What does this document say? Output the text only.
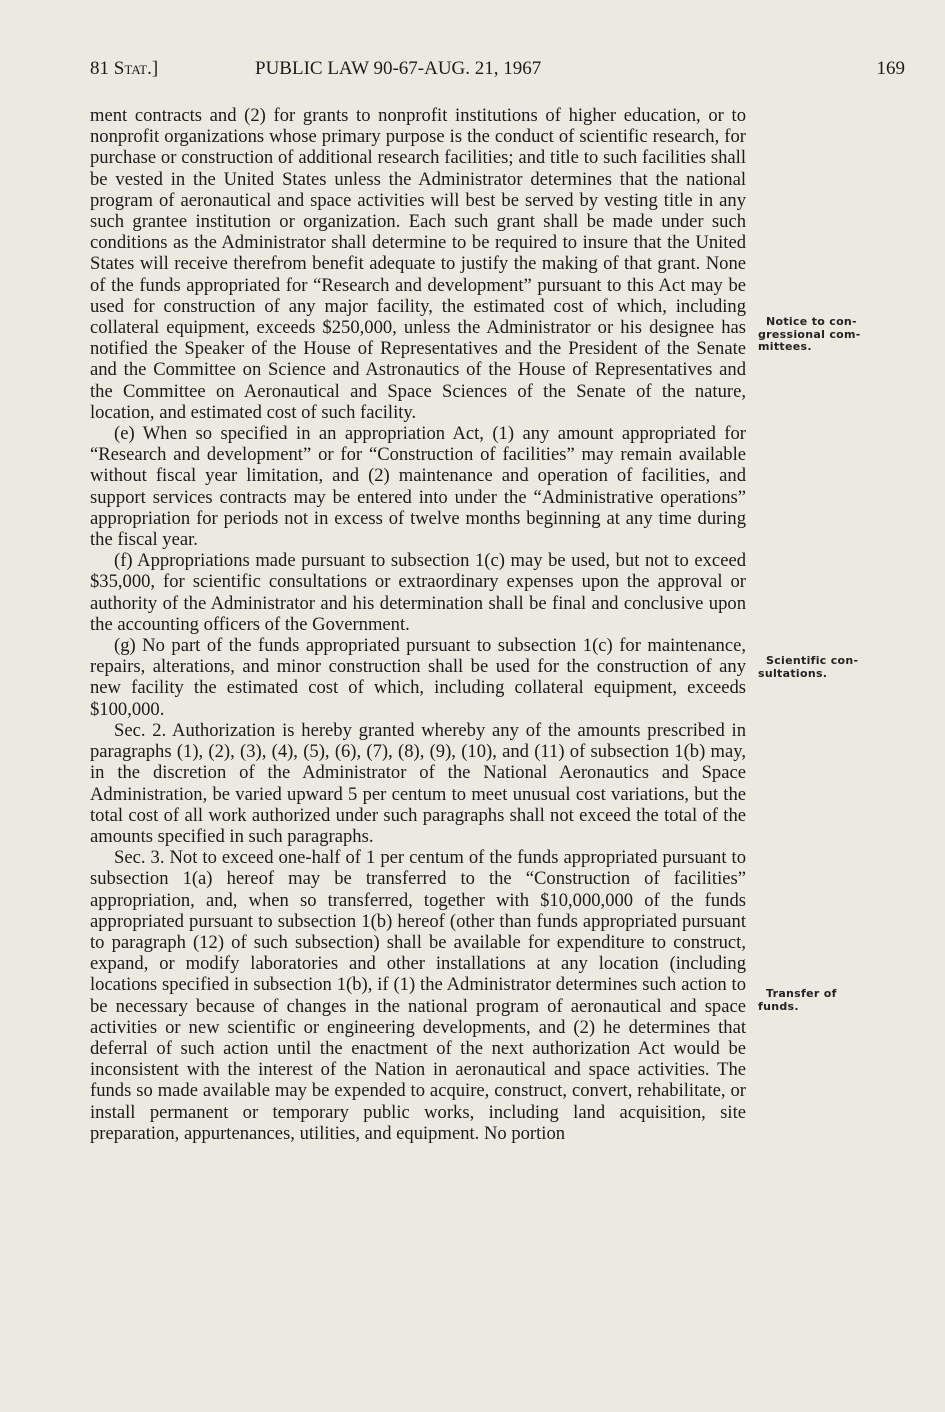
81 Stat.]	PUBLIC LAW 90-67-AUG. 21, 1967	169

ment contracts and (2) for grants to nonprofit institutions of higher education, or to nonprofit organizations whose primary purpose is the conduct of scientific research, for purchase or construction of additional research facilities; and title to such facilities shall be vested in the United States unless the Administrator determines that the national program of aeronautical and space activities will best be served by vesting title in any such grantee institution or organization. Each such grant shall be made under such conditions as the Administrator shall determine to be required to insure that the United States will receive therefrom benefit adequate to justify the making of that grant. None of the funds appropriated for “Research and development” pursuant to this Act may be used for construction of any major facility, the estimated cost of which, including collateral equipment, exceeds $250,000, unless the Administrator or his designee has notified the Speaker of the House of Representatives and the President of the Senate and the Committee on Science and Astronautics of the House of Representatives and the Committee on Aeronautical and Space Sciences of the Senate of the nature, location, and estimated cost of such facility.

(e) When so specified in an appropriation Act, (1) any amount appropriated for “Research and development” or for “Construction of facilities” may remain available without fiscal year limitation, and (2) maintenance and operation of facilities, and support services contracts may be entered into under the “Administrative operations” appropriation for periods not in excess of twelve months beginning at any time during the fiscal year.

(f) Appropriations made pursuant to subsection 1(c) may be used, but not to exceed $35,000, for scientific consultations or extraordinary expenses upon the approval or authority of the Administrator and his determination shall be final and conclusive upon the accounting officers of the Government.

(g) No part of the funds appropriated pursuant to subsection 1(c) for maintenance, repairs, alterations, and minor construction shall be used for the construction of any new facility the estimated cost of which, including collateral equipment, exceeds $100,000.

Sec. 2. Authorization is hereby granted whereby any of the amounts prescribed in paragraphs (1), (2), (3), (4), (5), (6), (7), (8), (9), (10), and (11) of subsection 1(b) may, in the discretion of the Administrator of the National Aeronautics and Space Administration, be varied upward 5 per centum to meet unusual cost variations, but the total cost of all work authorized under such paragraphs shall not exceed the total of the amounts specified in such paragraphs.

Sec. 3. Not to exceed one-half of 1 per centum of the funds appropriated pursuant to subsection 1(a) hereof may be transferred to the “Construction of facilities” appropriation, and, when so transferred, together with $10,000,000 of the funds appropriated pursuant to subsection 1(b) hereof (other than funds appropriated pursuant to paragraph (12) of such subsection) shall be available for expenditure to construct, expand, or modify laboratories and other installations at any location (including locations specified in subsection 1(b), if (1) the Administrator determines such action to be necessary because of changes in the national program of aeronautical and space activities or new scientific or engineering developments, and (2) he determines that deferral of such action until the enactment of the next authorization Act would be inconsistent with the interest of the Nation in aeronautical and space activities. The funds so made available may be expended to acquire, construct, convert, rehabilitate, or install permanent or temporary public works, including land acquisition, site preparation, appurtenances, utilities, and equipment. No portion

Notice to con-
gressional com-
mittees.
Scientific con-
sultations.
Transfer of
funds.
